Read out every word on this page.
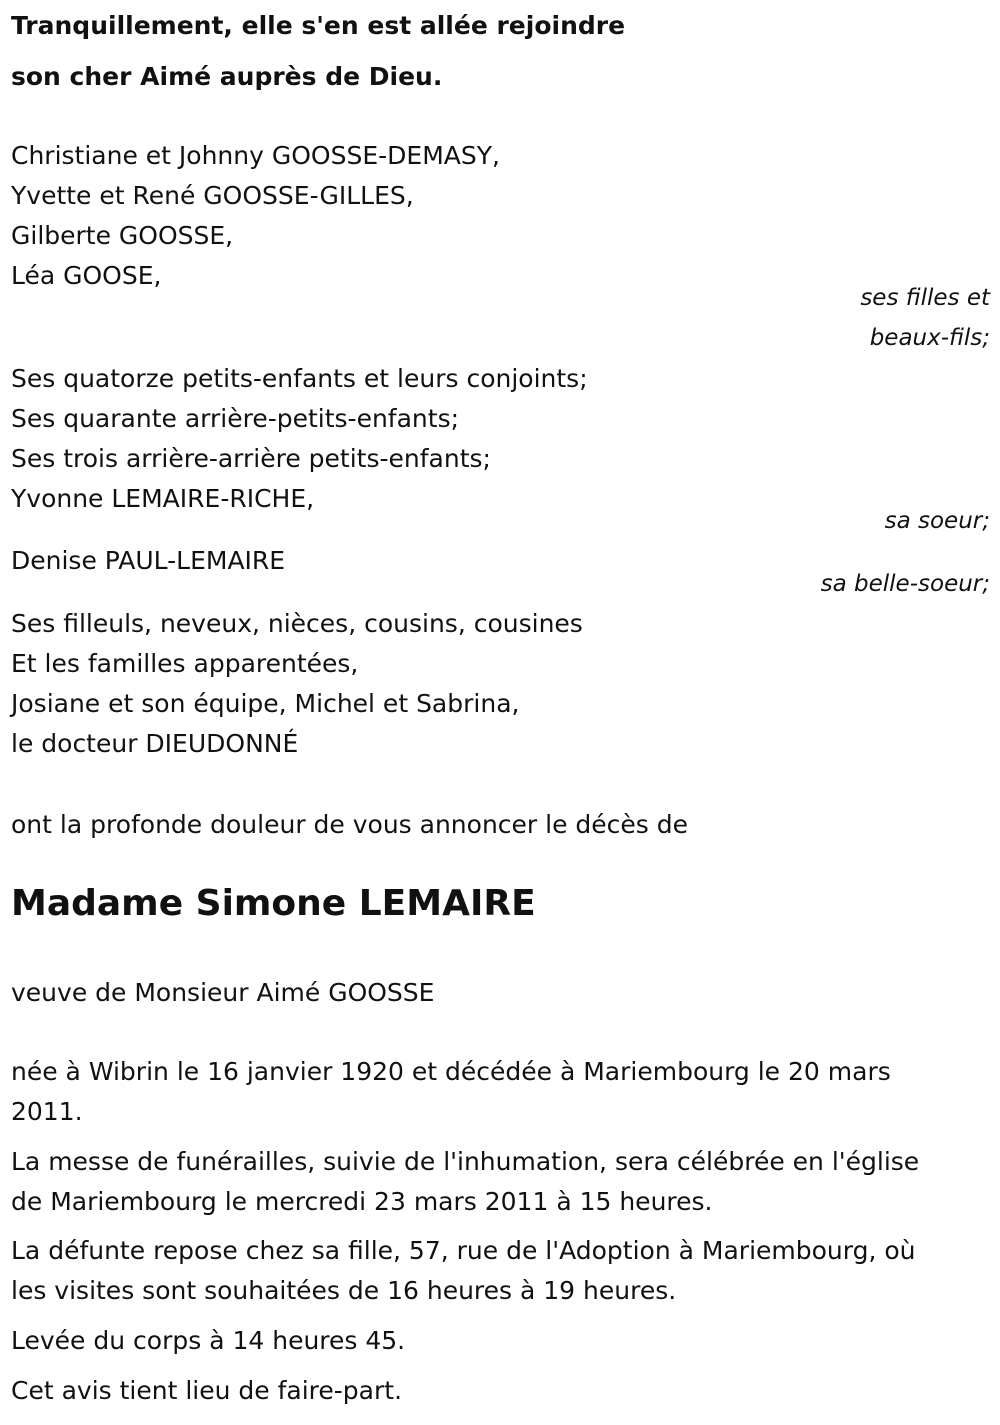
Tranquillement, elle s'en est allée rejoindre
son cher Aimé auprès de Dieu.
Christiane et Johnny GOOSSE-DEMASY,
Yvette et René GOOSSE-GILLES,
Gilberte GOOSSE,
Léa GOOSE,
ses filles et
beaux-fils;
Ses quatorze petits-enfants et leurs conjoints;
Ses quarante arrière-petits-enfants;
Ses trois arrière-arrière petits-enfants;
Yvonne LEMAIRE-RICHE,
sa soeur;
Denise PAUL-LEMAIRE
sa belle-soeur;
Ses filleuls, neveux, nièces, cousins, cousines
Et les familles apparentées,
Josiane et son équipe, Michel et Sabrina,
le docteur DIEUDONNÉ
ont la profonde douleur de vous annoncer le décès de
Madame Simone LEMAIRE
veuve de Monsieur Aimé GOOSSE
née à Wibrin le 16 janvier 1920 et décédée à Mariembourg le 20 mars
2011.
La messe de funérailles, suivie de l'inhumation, sera célébrée en l'église
de Mariembourg le mercredi 23 mars 2011 à 15 heures.
La défunte repose chez sa fille, 57, rue de l'Adoption à Mariembourg, où
les visites sont souhaitées de 16 heures à 19 heures.
Levée du corps à 14 heures 45.
Cet avis tient lieu de faire-part.
